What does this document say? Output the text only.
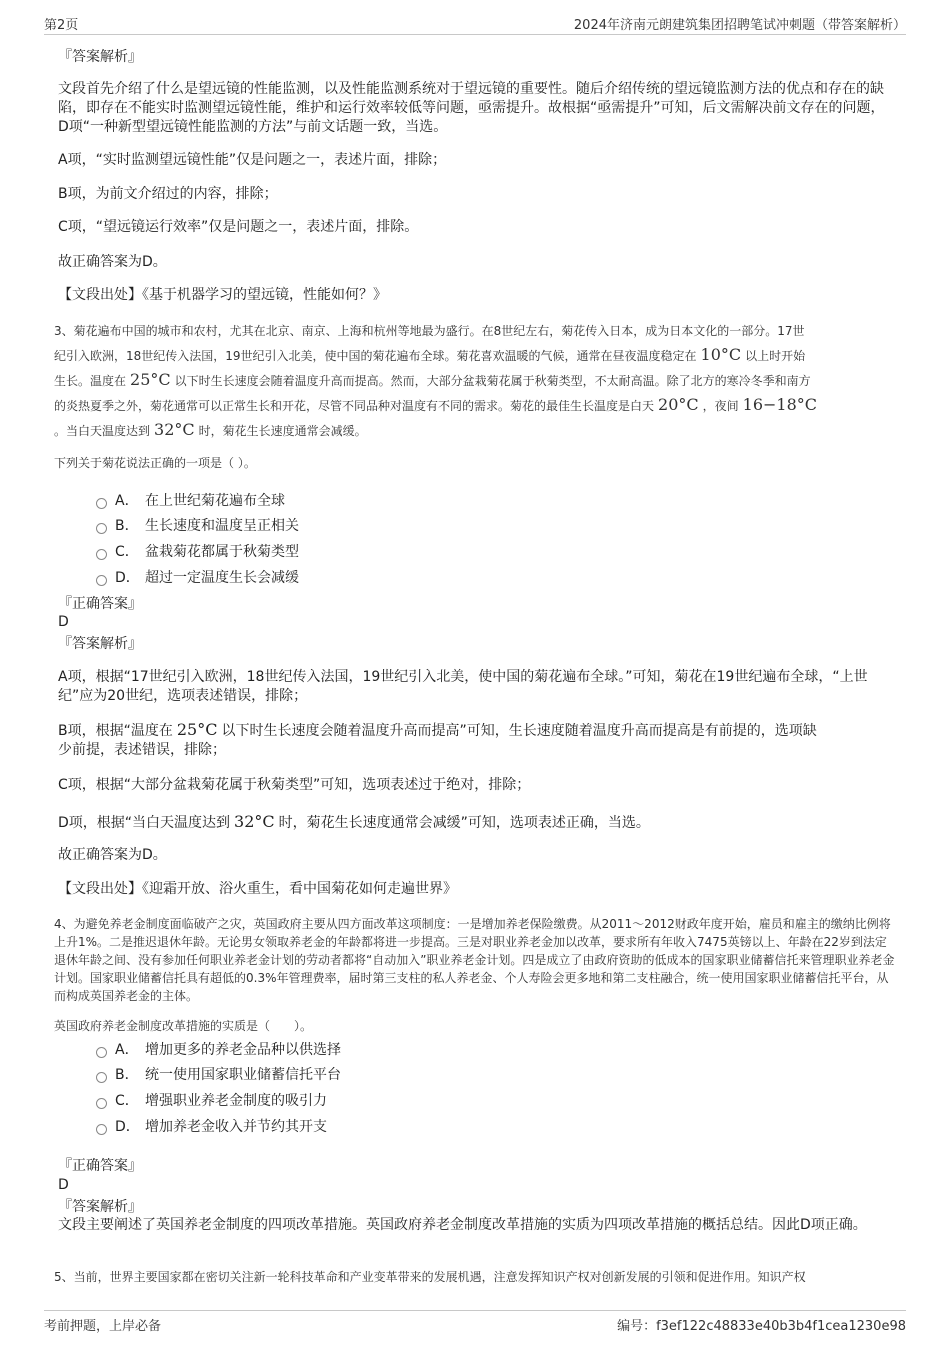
第2页	2024年济南元朗建筑集团招聘笔试冲刺题（带答案解析）
『答案解析』
文段首先介绍了什么是望远镜的性能监测，以及性能监测系统对于望远镜的重要性。随后介绍传统的望远镜监测方法的优点和存在的缺陷，即存在不能实时监测望远镜性能，维护和运行效率较低等问题，亟需提升。故根据“亟需提升”可知，后文需解决前文存在的问题，D项“一种新型望远镜性能监测的方法”与前文话题一致，当选。
A项，“实时监测望远镜性能”仅是问题之一，表述片面，排除；
B项，为前文介绍过的内容，排除；
C项，“望远镜运行效率”仅是问题之一，表述片面，排除。
故正确答案为D。
【文段出处】《基于机器学习的望远镜，性能如何？》
3、菊花遍布中国的城市和农村，尤其在北京、南京、上海和杭州等地最为盛行。在8世纪左右，菊花传入日本，成为日本文化的一部分。17世
纪引入欧洲，18世纪传入法国，19世纪引入北美，使中国的菊花遍布全球。菊花喜欢温暖的气候，通常在昼夜温度稳定在 10°C 以上时开始
生长。温度在 25°C 以下时生长速度会随着温度升高而提高。然而，大部分盆栽菊花属于秋菊类型，不太耐高温。除了北方的寒冷冬季和南方
的炎热夏季之外，菊花通常可以正常生长和开花，尽管不同品种对温度有不同的需求。菊花的最佳生长温度是白天 20°C ，夜间 16−18°C
。当白天温度达到 32°C 时，菊花生长速度通常会减缓。
下列关于菊花说法正确的一项是（ ）。
A． 在上世纪菊花遍布全球
B． 生长速度和温度呈正相关
C． 盆栽菊花都属于秋菊类型
D． 超过一定温度生长会减缓
『正确答案』
D
『答案解析』
A项，根据“17世纪引入欧洲，18世纪传入法国，19世纪引入北美，使中国的菊花遍布全球。”可知，菊花在19世纪遍布全球，“上世纪”应为20世纪，选项表述错误，排除；
B项，根据“温度在 25°C 以下时生长速度会随着温度升高而提高”可知，生长速度随着温度升高而提高是有前提的，选项缺
少前提，表述错误，排除；
C项，根据“大部分盆栽菊花属于秋菊类型”可知，选项表述过于绝对，排除；
D项，根据“当白天温度达到 32°C 时，菊花生长速度通常会减缓”可知，选项表述正确，当选。
故正确答案为D。
【文段出处】《迎霜开放、浴火重生，看中国菊花如何走遍世界》
4、为避免养老金制度面临破产之灾，英国政府主要从四方面改革这项制度：一是增加养老保险缴费。从2011～2012财政年度开始，雇员和雇主的缴纳比例将上升1%。二是推迟退休年龄。无论男女领取养老金的年龄都将进一步提高。三是对职业养老金加以改革，要求所有年收入7475英镑以上、年龄在22岁到法定退休年龄之间、没有参加任何职业养老金计划的劳动者都将“自动加入”职业养老金计划。四是成立了由政府资助的低成本的国家职业储蓄信托来管理职业养老金计划。国家职业储蓄信托具有超低的0.3%年管理费率，届时第三支柱的私人养老金、个人寿险会更多地和第二支柱融合，统一使用国家职业储蓄信托平台，从而构成英国养老金的主体。
英国政府养老金制度改革措施的实质是（　　）。
A． 增加更多的养老金品种以供选择
B． 统一使用国家职业储蓄信托平台
C． 增强职业养老金制度的吸引力
D． 增加养老金收入并节约其开支
『正确答案』
D
『答案解析』
文段主要阐述了英国养老金制度的四项改革措施。英国政府养老金制度改革措施的实质为四项改革措施的概括总结。因此D项正确。
5、当前，世界主要国家都在密切关注新一轮科技革命和产业变革带来的发展机遇，注意发挥知识产权对创新发展的引领和促进作用。知识产权
考前押题，上岸必备	编号：f3ef122c48833e40b3b4f1cea1230e98
